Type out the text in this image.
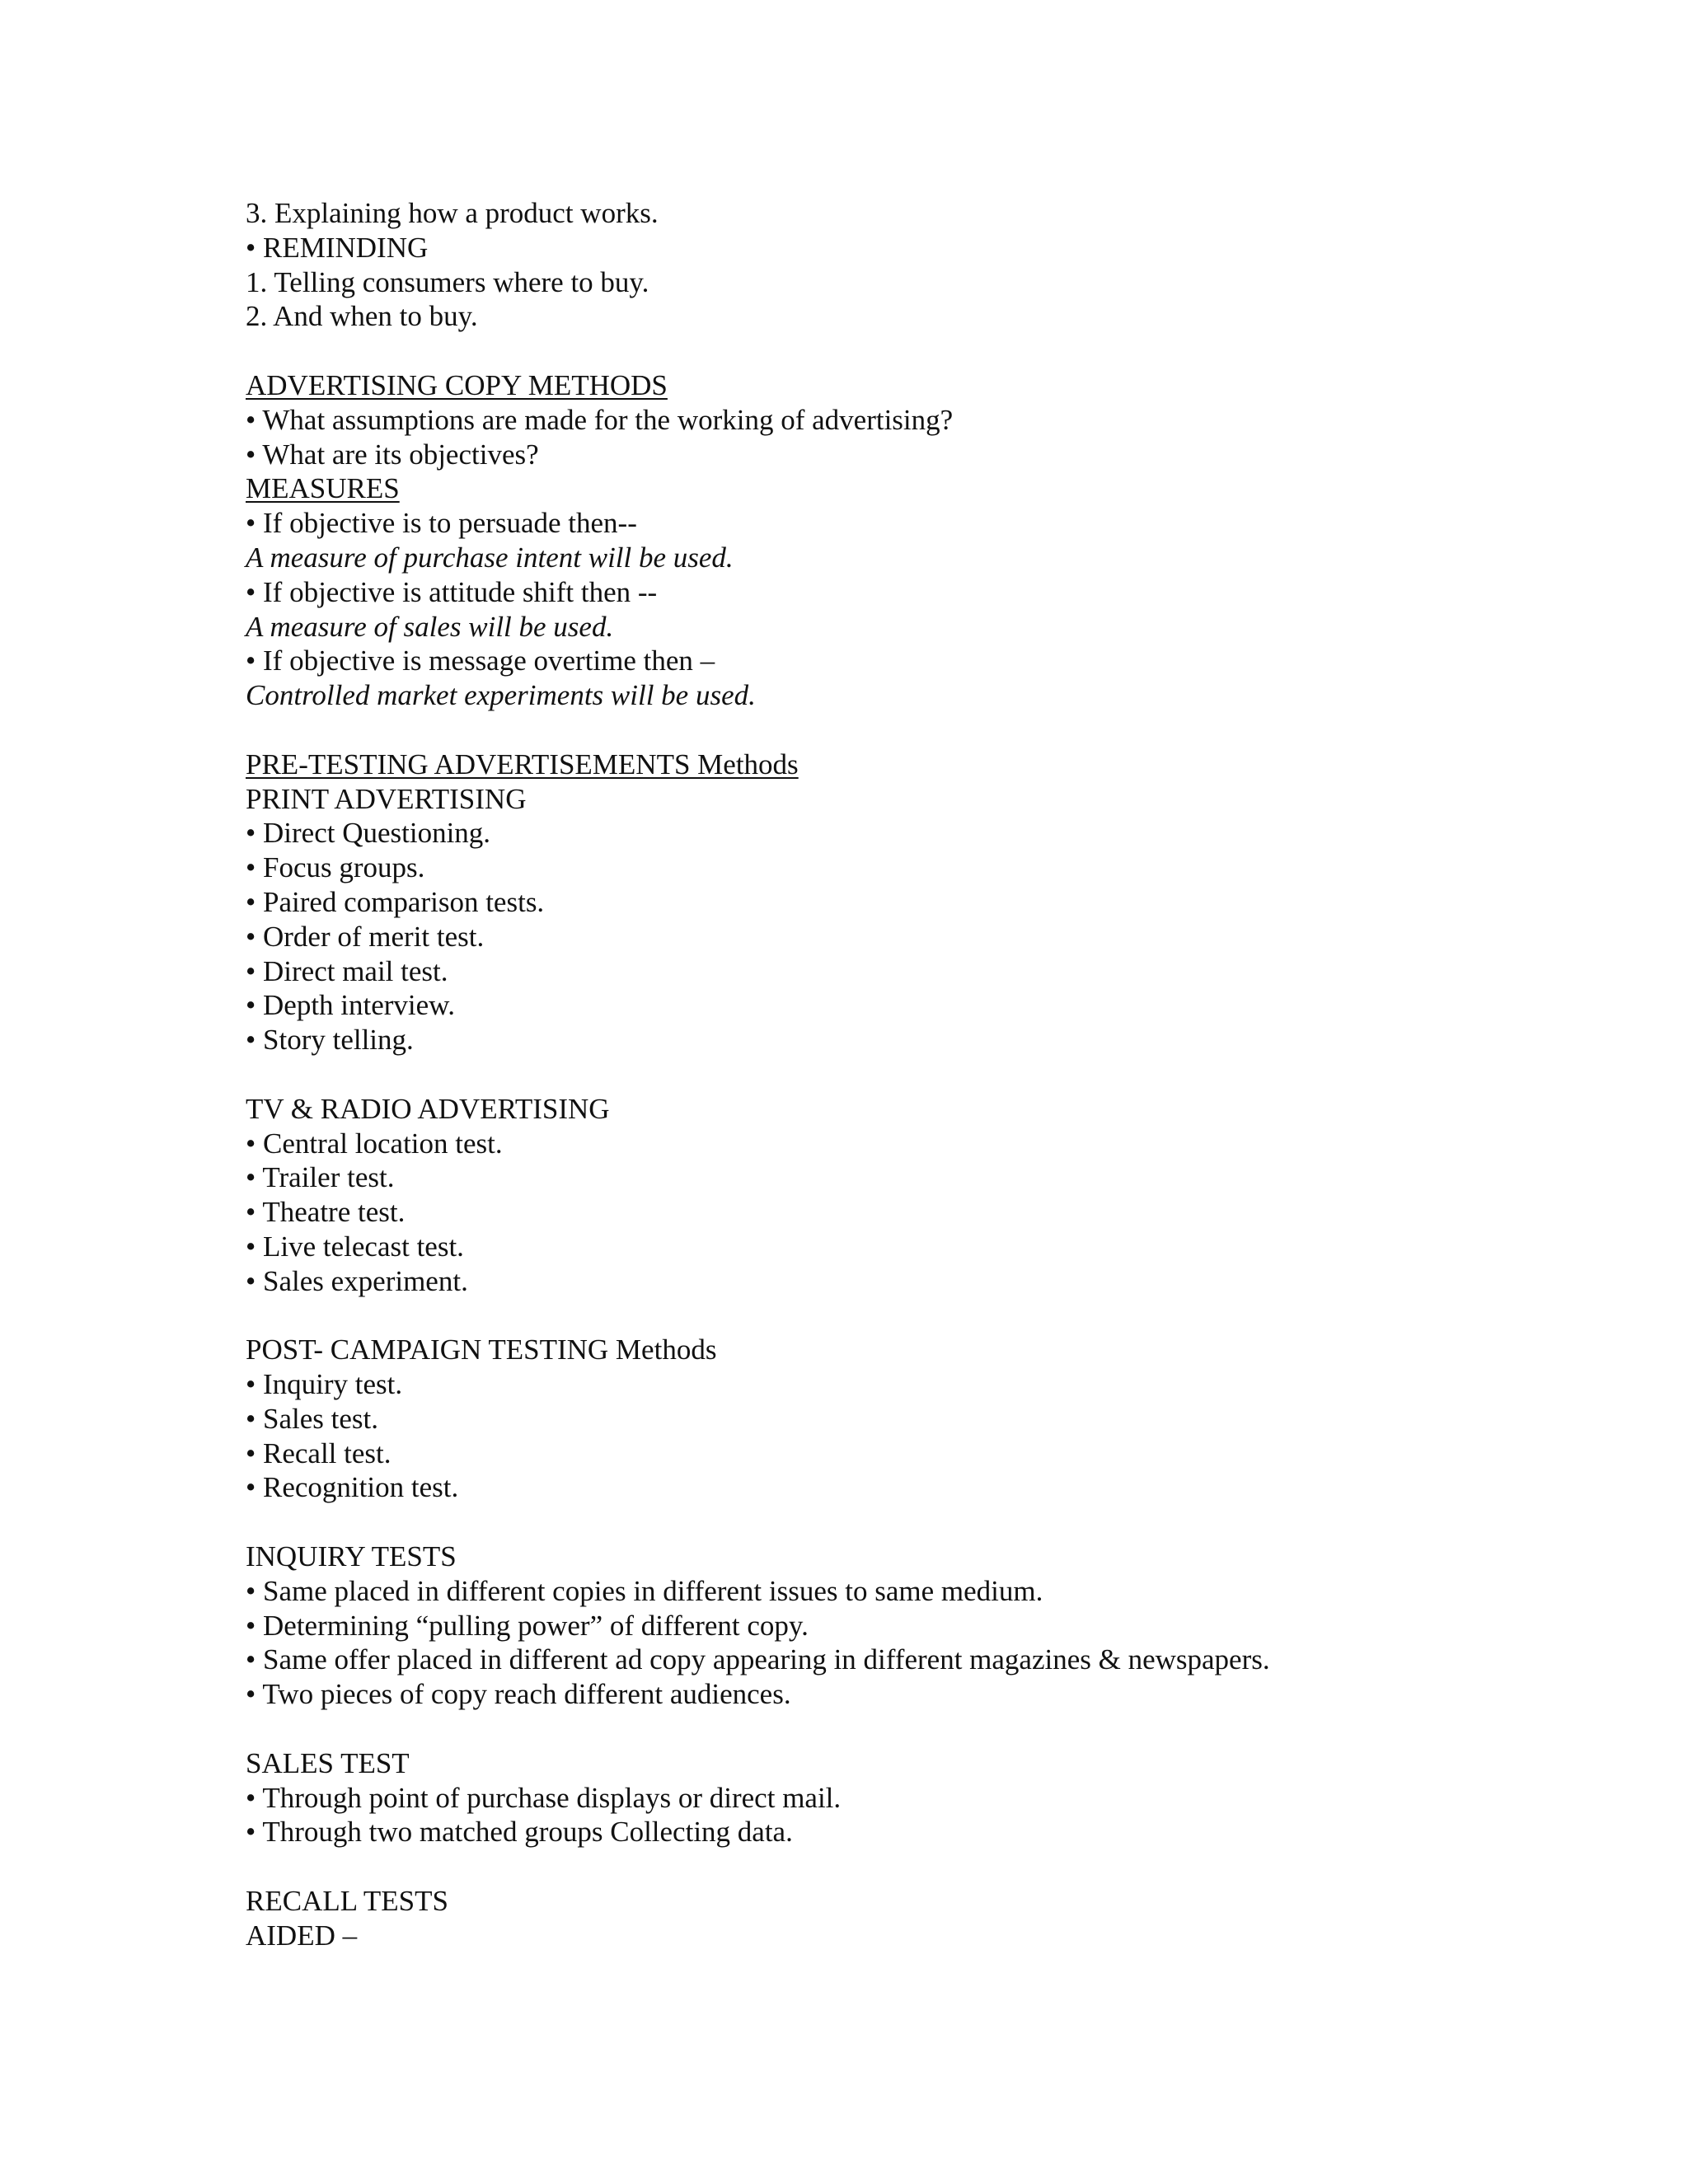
3. Explaining how a product works.
• REMINDING
1. Telling consumers where to buy.
2. And when to buy.
ADVERTISING COPY METHODS
• What assumptions are made for the working of advertising?
• What are its objectives?
MEASURES
• If objective is to persuade then--
A measure of purchase intent will be used.
• If objective is attitude shift then --
A measure of sales will be used.
• If objective is message overtime then –
Controlled market experiments will be used.
PRE-TESTING ADVERTISEMENTS Methods
PRINT ADVERTISING
• Direct Questioning.
• Focus groups.
• Paired comparison tests.
• Order of merit test.
• Direct mail test.
• Depth interview.
• Story telling.
TV & RADIO ADVERTISING
• Central location test.
• Trailer test.
• Theatre test.
• Live telecast test.
• Sales experiment.
POST- CAMPAIGN TESTING Methods
• Inquiry test.
• Sales test.
• Recall test.
• Recognition test.
INQUIRY TESTS
• Same placed in different copies in different issues to same medium.
• Determining “pulling power” of different copy.
• Same offer placed in different ad copy appearing in different magazines & newspapers.
• Two pieces of copy reach different audiences.
SALES TEST
• Through point of purchase displays or direct mail.
• Through two matched groups Collecting data.
RECALL TESTS
AIDED –
